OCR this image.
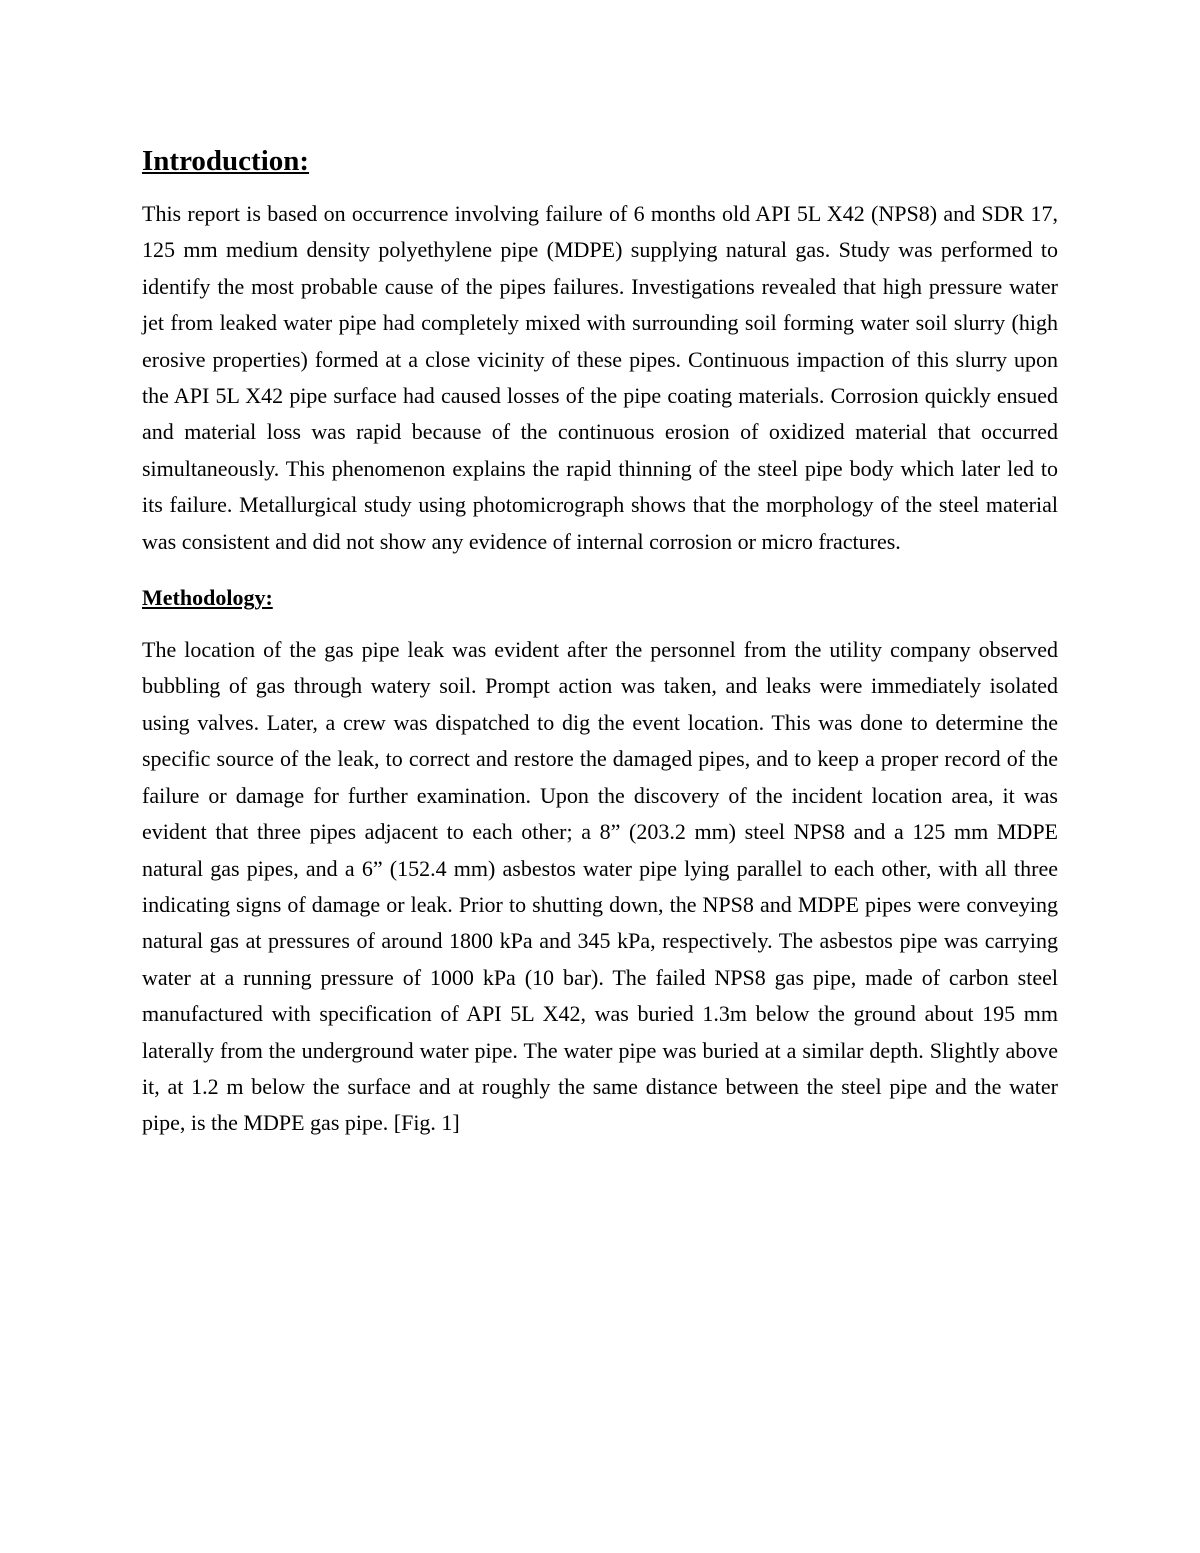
Introduction:

This report is based on occurrence involving failure of 6 months old API 5L X42 (NPS8) and SDR 17, 125 mm medium density polyethylene pipe (MDPE) supplying natural gas. Study was performed to identify the most probable cause of the pipes failures. Investigations revealed that high pressure water jet from leaked water pipe had completely mixed with surrounding soil forming water soil slurry (high erosive properties) formed at a close vicinity of these pipes. Continuous impaction of this slurry upon the API 5L X42 pipe surface had caused losses of the pipe coating materials. Corrosion quickly ensued and material loss was rapid because of the continuous erosion of oxidized material that occurred simultaneously. This phenomenon explains the rapid thinning of the steel pipe body which later led to its failure. Metallurgical study using photomicrograph shows that the morphology of the steel material was consistent and did not show any evidence of internal corrosion or micro fractures.

Methodology:

The location of the gas pipe leak was evident after the personnel from the utility company observed bubbling of gas through watery soil. Prompt action was taken, and leaks were immediately isolated using valves. Later, a crew was dispatched to dig the event location. This was done to determine the specific source of the leak, to correct and restore the damaged pipes, and to keep a proper record of the failure or damage for further examination. Upon the discovery of the incident location area, it was evident that three pipes adjacent to each other; a 8” (203.2 mm) steel NPS8 and a 125 mm MDPE natural gas pipes, and a 6” (152.4 mm) asbestos water pipe lying parallel to each other, with all three indicating signs of damage or leak. Prior to shutting down, the NPS8 and MDPE pipes were conveying natural gas at pressures of around 1800 kPa and 345 kPa, respectively. The asbestos pipe was carrying water at a running pressure of 1000 kPa (10 bar). The failed NPS8 gas pipe, made of carbon steel manufactured with specification of API 5L X42, was buried 1.3m below the ground about 195 mm laterally from the underground water pipe. The water pipe was buried at a similar depth. Slightly above it, at 1.2 m below the surface and at roughly the same distance between the steel pipe and the water pipe, is the MDPE gas pipe. [Fig. 1]
